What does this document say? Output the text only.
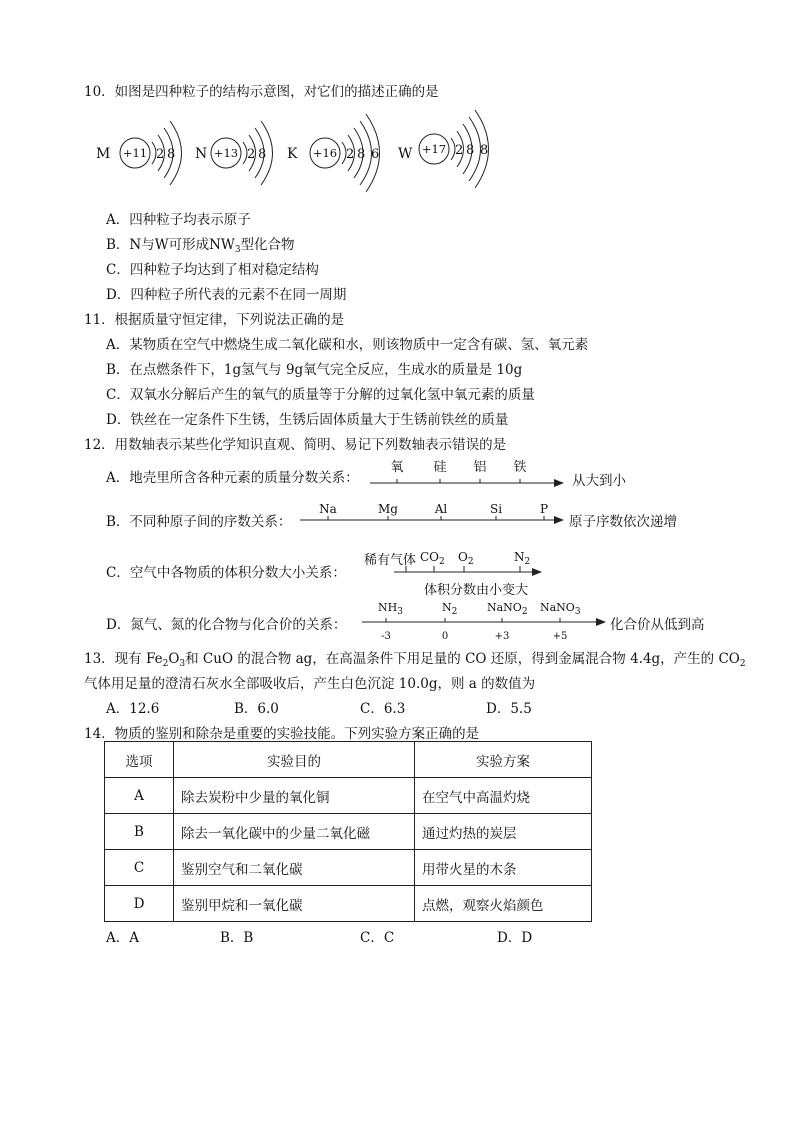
10．如图是四种粒子的结构示意图，对它们的描述正确的是
M +11 2 8 N +13 2 8 K +16 2 8 6 W +17 2 8 8
A．四种粒子均表示原子
B．N与W可形成$NW_3$型化合物
C．四种粒子均达到了相对稳定结构
D．四种粒子所代表的元素不在同一周期
11．根据质量守恒定律，下列说法正确的是
A．某物质在空气中燃烧生成二氧化碳和水，则该物质中一定含有碳、氢、氧元素
B．在点燃条件下，1g氢气与 9g氧气完全反应，生成水的质量是 10g
C．双氧水分解后产生的氧气的质量等于分解的过氧化氢中氧元素的质量
D．铁丝在一定条件下生锈，生锈后固体质量大于生锈前铁丝的质量
12．用数轴表示某些化学知识直观、简明、易记下列数轴表示错误的是
A．地壳里所含各种元素的质量分数关系：
氧 硅 铝 铁
从大到小
B．不同种原子间的序数关系：
Na	Mg	Al	Si	P
原子序数依次递增
C．空气中各物质的体积分数大小关系：
稀有气体 $CO_2$ $O_2$	$N_2$
体积分数由小变大
D．氮气、氮的化合物与化合价的关系：
$NH_3$	$N_2$	NaNO$_2$ NaNO$_3$
-3	0	+3	+5
化合价从低到高
13．现有 $Fe_2O_3$和 CuO 的混合物 ag，在高温条件下用足量的 CO 还原，得到金属混合物 4.4g，产生的 $CO_2$
气体用足量的澄清石灰水全部吸收后，产生白色沉淀 10.0g，则 a 的数值为
A．12.6	B．6.0	C．6.3	D．5.5
14．物质的鉴别和除杂是重要的实验技能。下列实验方案正确的是
选项	实验目的	实验方案
A	除去炭粉中少量的氧化铜	在空气中高温灼烧
B	除去一氧化碳中的少量二氧化磁	通过灼热的炭层
C	鉴别空气和二氧化碳	用带火星的木条
D	鉴别甲烷和一氧化碳	点燃，观察火焰颜色
A．A	B．B	C．C	D．D
